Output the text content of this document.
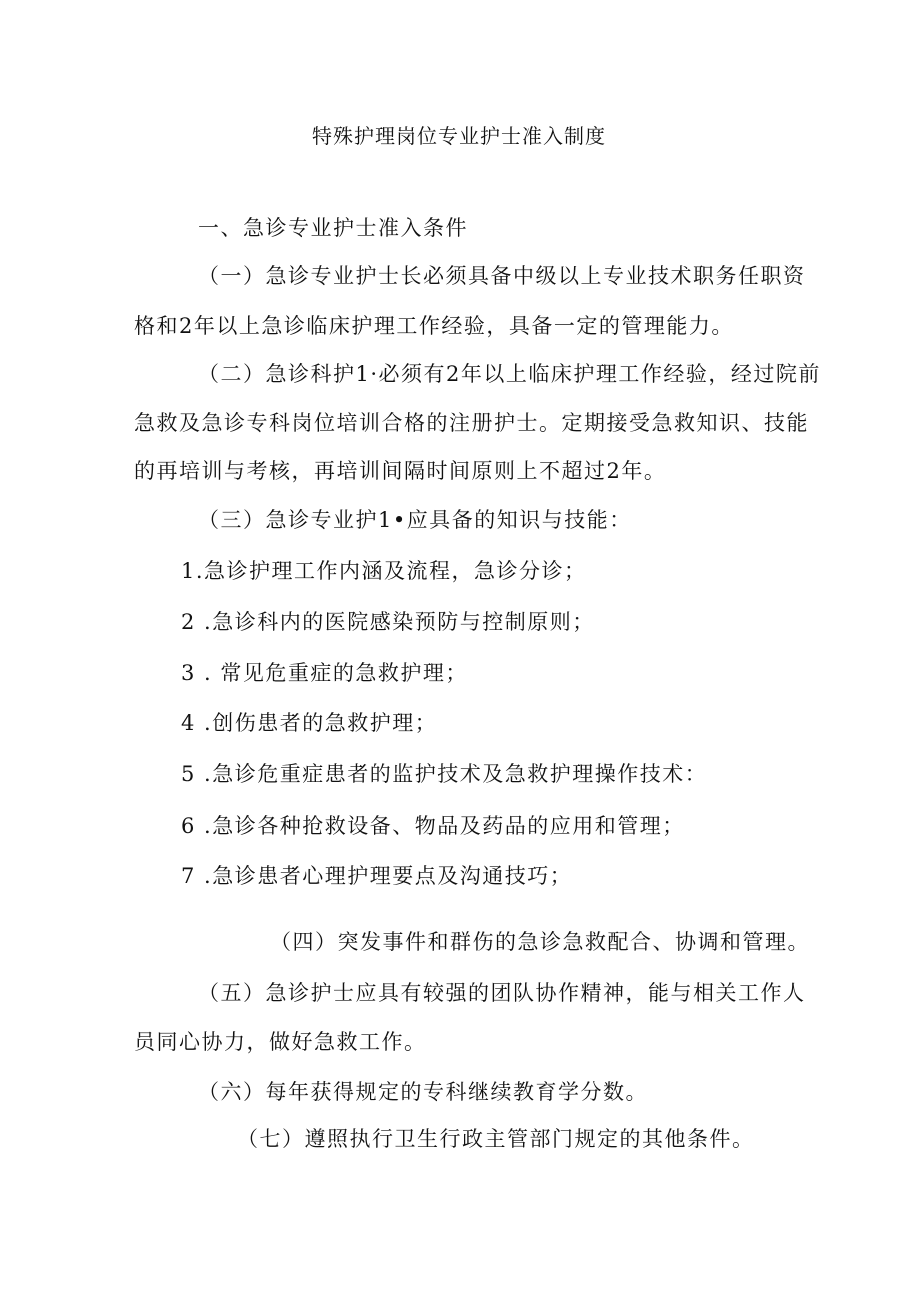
特殊护理岗位专业护士准入制度
一、急诊专业护士准入条件
（一）急诊专业护士长必须具备中级以上专业技术职务任职资
格和2年以上急诊临床护理工作经验，具备一定的管理能力。
（二）急诊科护1·必须有2年以上临床护理工作经验，经过院前
急救及急诊专科岗位培训合格的注册护士。定期接受急救知识、技能
的再培训与考核，再培训间隔时间原则上不超过2年。
（三）急诊专业护1•应具备的知识与技能：
1.急诊护理工作内涵及流程，急诊分诊；
2 .急诊科内的医院感染预防与控制原则；
3 . 常见危重症的急救护理；
4 .创伤患者的急救护理；
5 .急诊危重症患者的监护技术及急救护理操作技术：
6 .急诊各种抢救设备、物品及药品的应用和管理；
7 .急诊患者心理护理要点及沟通技巧；
（四）突发事件和群伤的急诊急救配合、协调和管理。
（五）急诊护士应具有较强的团队协作精神，能与相关工作人
员同心协力，做好急救工作。
（六）每年获得规定的专科继续教育学分数。
（七）遵照执行卫生行政主管部门规定的其他条件。
